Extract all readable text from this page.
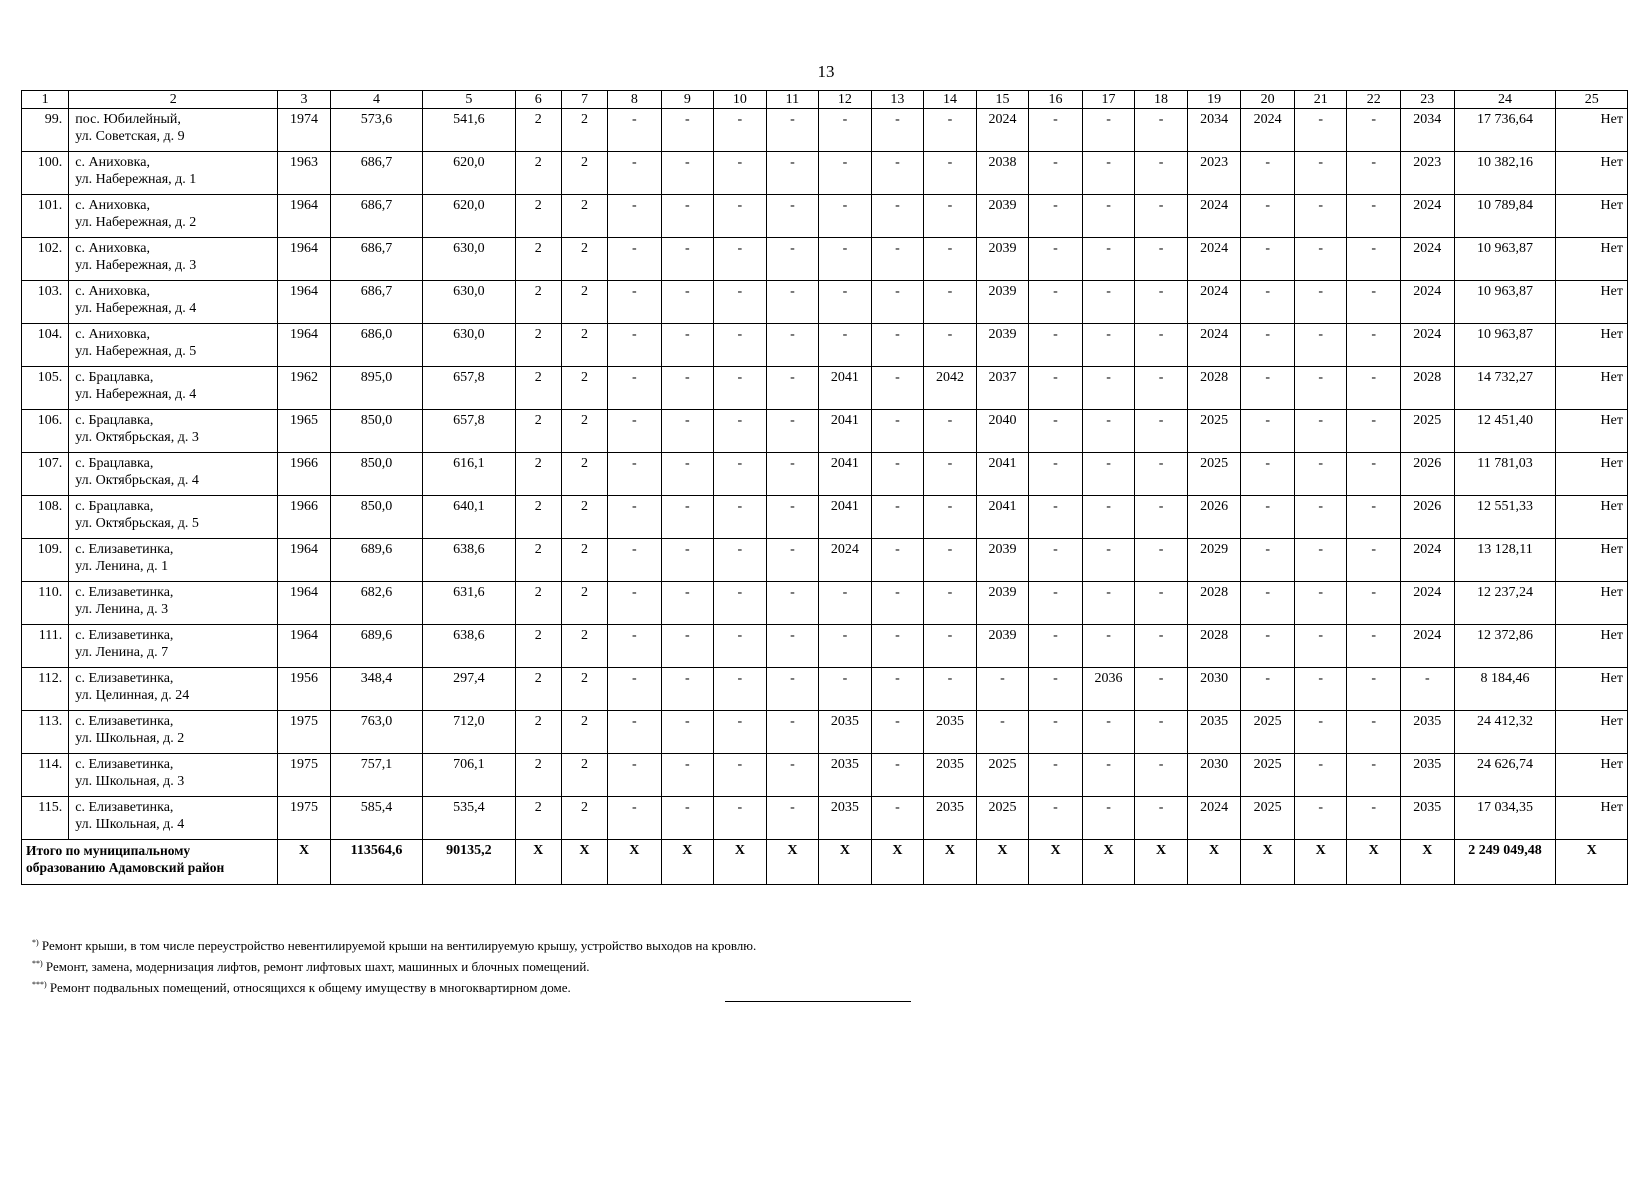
13
1	2	3	4	5	6	7	8	9	10	11	12	13	14	15	16	17	18	19	20	21	22	23	24	25
99.	пос. Юбилейный,
ул. Советская, д. 9	1974	573,6	541,6	2	2	-	-	-	-	-	-	-	2024	-	-	-	2034	2024	-	-	2034	17 736,64	Нет
100.	с. Аниховка,
ул. Набережная, д. 1	1963	686,7	620,0	2	2	-	-	-	-	-	-	-	2038	-	-	-	2023	-	-	-	2023	10 382,16	Нет
101.	с. Аниховка,
ул. Набережная, д. 2	1964	686,7	620,0	2	2	-	-	-	-	-	-	-	2039	-	-	-	2024	-	-	-	2024	10 789,84	Нет
102.	с. Аниховка,
ул. Набережная, д. 3	1964	686,7	630,0	2	2	-	-	-	-	-	-	-	2039	-	-	-	2024	-	-	-	2024	10 963,87	Нет
103.	с. Аниховка,
ул. Набережная, д. 4	1964	686,7	630,0	2	2	-	-	-	-	-	-	-	2039	-	-	-	2024	-	-	-	2024	10 963,87	Нет
104.	с. Аниховка,
ул. Набережная, д. 5	1964	686,0	630,0	2	2	-	-	-	-	-	-	-	2039	-	-	-	2024	-	-	-	2024	10 963,87	Нет
105.	с. Брацлавка,
ул. Набережная, д. 4	1962	895,0	657,8	2	2	-	-	-	-	2041	-	2042	2037	-	-	-	2028	-	-	-	2028	14 732,27	Нет
106.	с. Брацлавка,
ул. Октябрьская, д. 3	1965	850,0	657,8	2	2	-	-	-	-	2041	-	-	2040	-	-	-	2025	-	-	-	2025	12 451,40	Нет
107.	с. Брацлавка,
ул. Октябрьская, д. 4	1966	850,0	616,1	2	2	-	-	-	-	2041	-	-	2041	-	-	-	2025	-	-	-	2026	11 781,03	Нет
108.	с. Брацлавка,
ул. Октябрьская, д. 5	1966	850,0	640,1	2	2	-	-	-	-	2041	-	-	2041	-	-	-	2026	-	-	-	2026	12 551,33	Нет
109.	с. Елизаветинка,
ул. Ленина, д. 1	1964	689,6	638,6	2	2	-	-	-	-	2024	-	-	2039	-	-	-	2029	-	-	-	2024	13 128,11	Нет
110.	с. Елизаветинка,
ул. Ленина, д. 3	1964	682,6	631,6	2	2	-	-	-	-	-	-	-	2039	-	-	-	2028	-	-	-	2024	12 237,24	Нет
111.	с. Елизаветинка,
ул. Ленина, д. 7	1964	689,6	638,6	2	2	-	-	-	-	-	-	-	2039	-	-	-	2028	-	-	-	2024	12 372,86	Нет
112.	с. Елизаветинка,
ул. Целинная, д. 24	1956	348,4	297,4	2	2	-	-	-	-	-	-	-	-	-	2036	-	2030	-	-	-	-	8 184,46	Нет
113.	с. Елизаветинка,
ул. Школьная, д. 2	1975	763,0	712,0	2	2	-	-	-	-	2035	-	2035	-	-	-	-	2035	2025	-	-	2035	24 412,32	Нет
114.	с. Елизаветинка,
ул. Школьная, д. 3	1975	757,1	706,1	2	2	-	-	-	-	2035	-	2035	2025	-	-	-	2030	2025	-	-	2035	24 626,74	Нет
115.	с. Елизаветинка,
ул. Школьная, д. 4	1975	585,4	535,4	2	2	-	-	-	-	2035	-	2035	2025	-	-	-	2024	2025	-	-	2035	17 034,35	Нет

Итого по муниципальному
образованию Адамовский район		X	113564,6	90135,2	X	X	X	X	X	X	X	X	X	X	X	X	X	X	X	X	X	X	2 249 049,48	X
*) Ремонт крыши, в том числе переустройство невентилируемой крыши на вентилируемую крышу, устройство выходов на кровлю.
**) Ремонт, замена, модернизация лифтов, ремонт лифтовых шахт, машинных и блочных помещений.
***) Ремонт подвальных помещений, относящихся к общему имуществу в многоквартирном доме.
